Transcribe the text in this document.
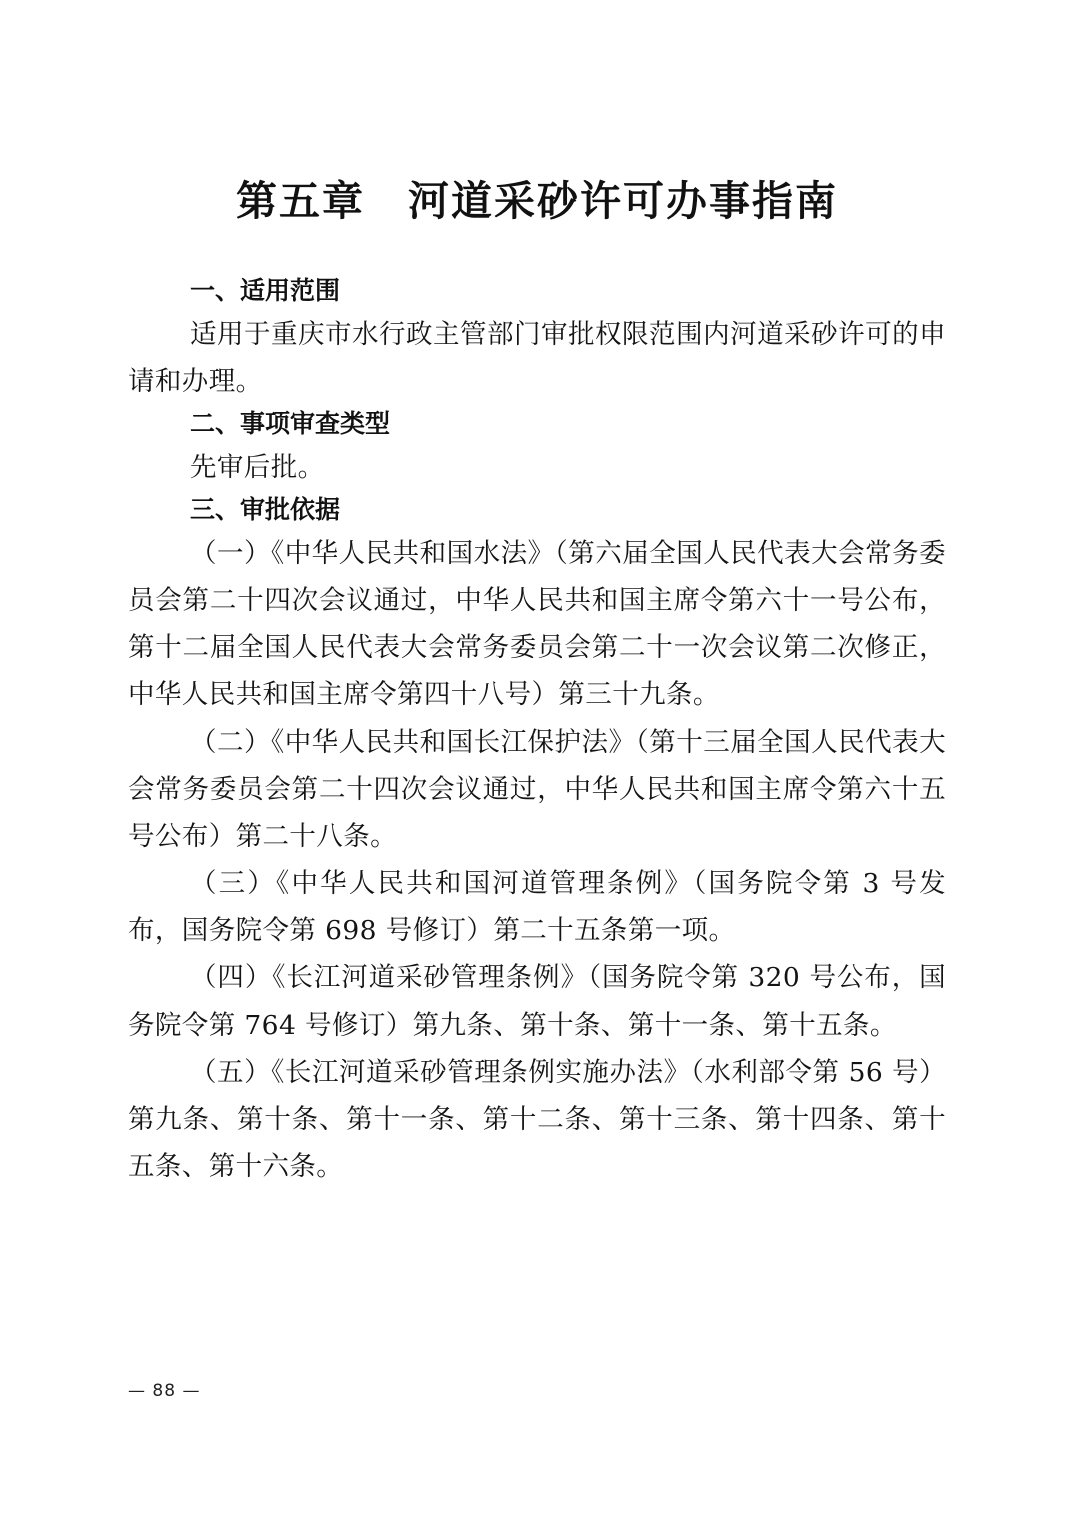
第五章　河道采砂许可办事指南
一、适用范围

适用于重庆市水行政主管部门审批权限范围内河道采砂许可的申请和办理。

二、事项审查类型

先审后批。

三、审批依据

（一）《中华人民共和国水法》（第六届全国人民代表大会常务委员会第二十四次会议通过，中华人民共和国主席令第六十一号公布，第十二届全国人民代表大会常务委员会第二十一次会议第二次修正，中华人民共和国主席令第四十八号）第三十九条。

（二）《中华人民共和国长江保护法》（第十三届全国人民代表大会常务委员会第二十四次会议通过，中华人民共和国主席令第六十五号公布）第二十八条。

（三）《中华人民共和国河道管理条例》（国务院令第 3 号发布，国务院令第 698 号修订）第二十五条第一项。

（四）《长江河道采砂管理条例》（国务院令第 320 号公布，国务院令第 764 号修订）第九条、第十条、第十一条、第十五条。

（五）《长江河道采砂管理条例实施办法》（水利部令第 56 号）第九条、第十条、第十一条、第十二条、第十三条、第十四条、第十五条、第十六条。

— 88 —
